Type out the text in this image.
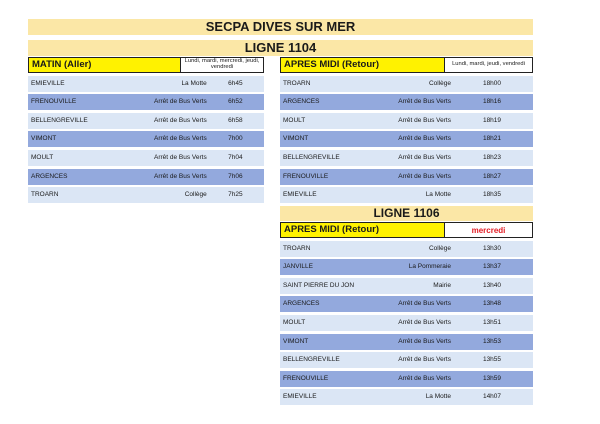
SECPA DIVES SUR MER
LIGNE 1104
MATIN (Aller)	Lundi, mardi, mercredi, jeudi, vendredi
EMIEVILLE	La Motte	6h45
FRENOUVILLE	Arrêt de Bus Verts	6h52
BELLENGREVILLE	Arrêt de Bus Verts	6h58
VIMONT	Arrêt de Bus Verts	7h00
MOULT	Arrêt de Bus Verts	7h04
ARGENCES	Arrêt de Bus Verts	7h06
TROARN	Collège	7h25
APRES MIDI (Retour)	Lundi, mardi, jeudi, vendredi
TROARN	Collège	18h00
ARGENCES	Arrêt de Bus Verts	18h16
MOULT	Arrêt de Bus Verts	18h19
VIMONT	Arrêt de Bus Verts	18h21
BELLENGREVILLE	Arrêt de Bus Verts	18h23
FRENOUVILLE	Arrêt de Bus Verts	18h27
EMIEVILLE	La Motte	18h35
LIGNE 1106
APRES MIDI (Retour)	mercredi
TROARN	Collège	13h30
JANVILLE	La Pommeraie	13h37
SAINT PIERRE DU JON	Mairie	13h40
ARGENCES	Arrêt de Bus Verts	13h48
MOULT	Arrêt de Bus Verts	13h51
VIMONT	Arrêt de Bus Verts	13h53
BELLENGREVILLE	Arrêt de Bus Verts	13h55
FRENOUVILLE	Arrêt de Bus Verts	13h59
EMIEVILLE	La Motte	14h07
